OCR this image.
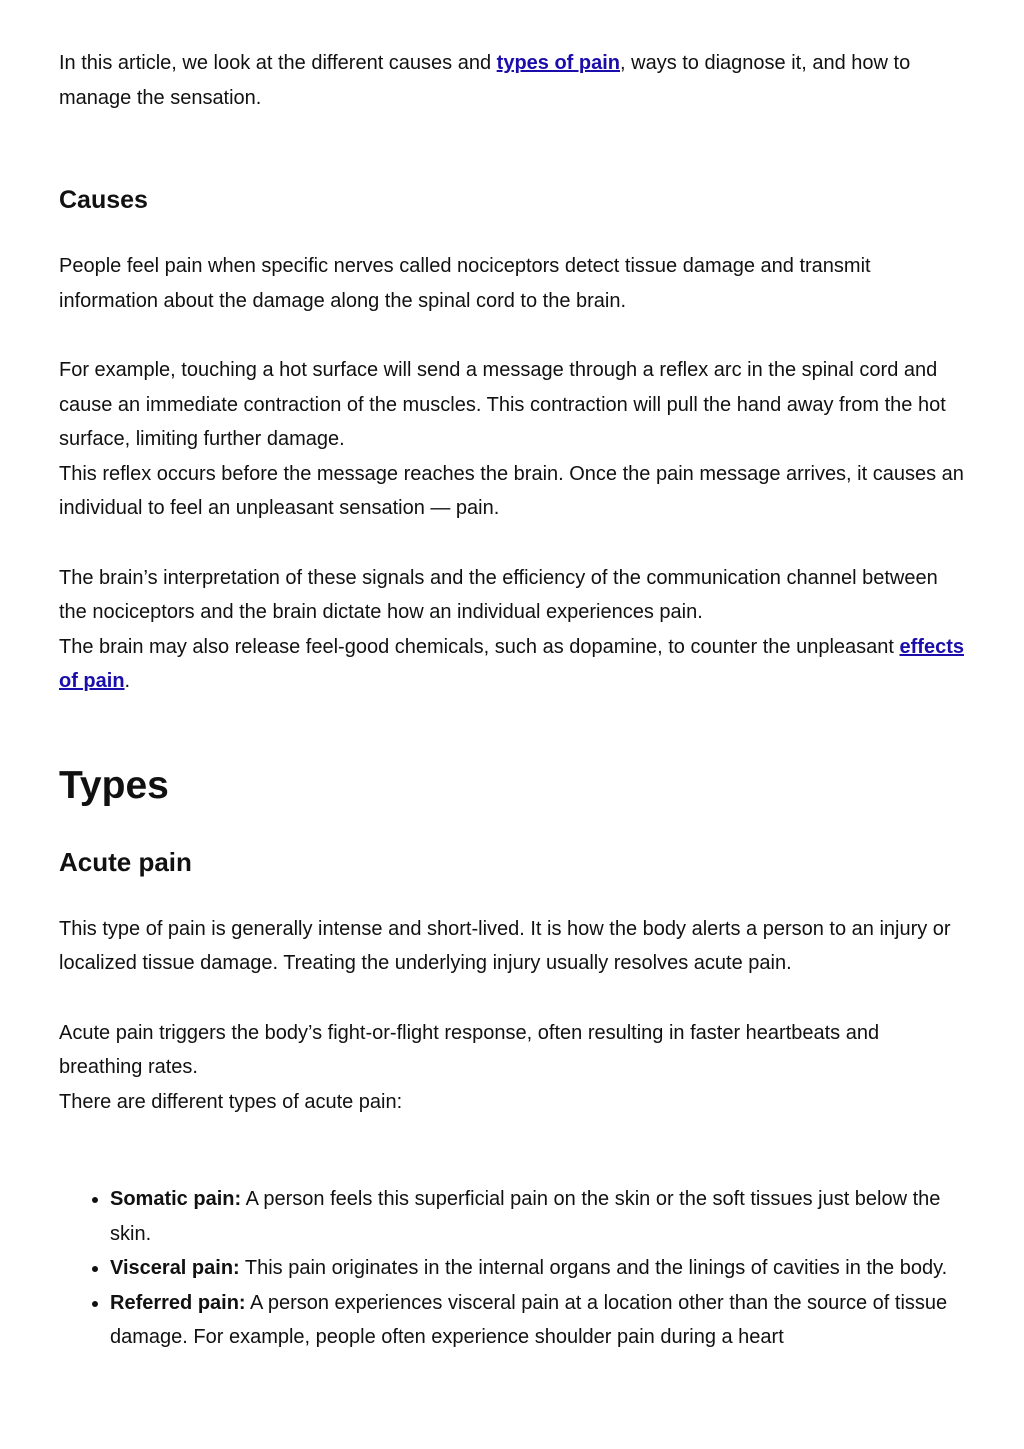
In this article, we look at the different causes and types of pain, ways to diagnose it, and how to manage the sensation.

Causes

People feel pain when specific nerves called nociceptors detect tissue damage and transmit information about the damage along the spinal cord to the brain.

For example, touching a hot surface will send a message through a reflex arc in the spinal cord and cause an immediate contraction of the muscles. This contraction will pull the hand away from the hot surface, limiting further damage.

This reflex occurs before the message reaches the brain. Once the pain message arrives, it causes an individual to feel an unpleasant sensation — pain.

The brain’s interpretation of these signals and the efficiency of the communication channel between the nociceptors and the brain dictate how an individual experiences pain.

The brain may also release feel-good chemicals, such as dopamine, to counter the unpleasant effects of pain.

Types
Acute pain

This type of pain is generally intense and short-lived. It is how the body alerts a person to an injury or localized tissue damage. Treating the underlying injury usually resolves acute pain.

Acute pain triggers the body’s fight-or-flight response, often resulting in faster heartbeats and breathing rates.

There are different types of acute pain:

• Somatic pain: A person feels this superficial pain on the skin or the soft tissues just below the skin.
• Visceral pain: This pain originates in the internal organs and the linings of cavities in the body.
• Referred pain: A person experiences visceral pain at a location other than the source of tissue damage. For example, people often experience shoulder pain during a heart
